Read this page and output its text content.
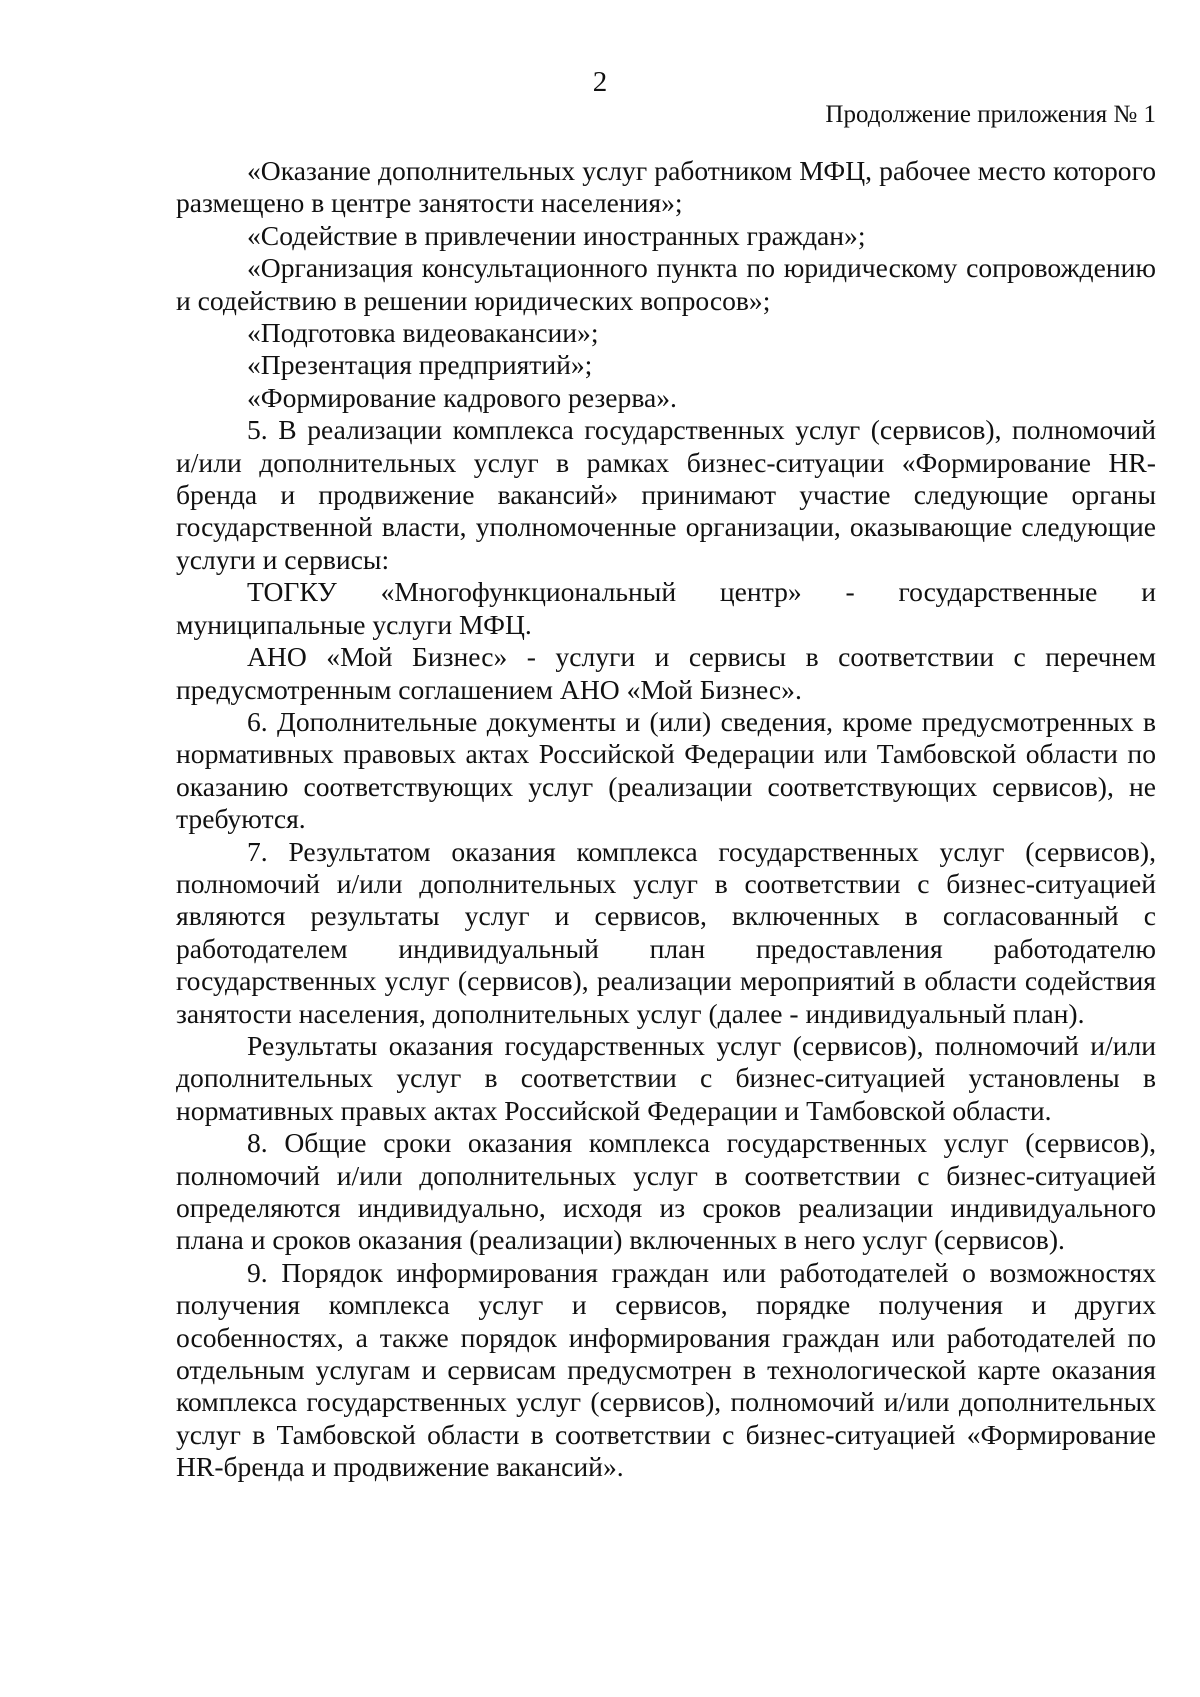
2
Продолжение приложения № 1

«Оказание дополнительных услуг работником МФЦ, рабочее место которого размещено в центре занятости населения»;

«Содействие в привлечении иностранных граждан»;

«Организация консультационного пункта по юридическому сопровождению и содействию в решении юридических вопросов»;

«Подготовка видеовакансии»;

«Презентация предприятий»;

«Формирование кадрового резерва».

5. В реализации комплекса государственных услуг (сервисов), полномочий и/или дополнительных услуг в рамках бизнес-ситуации «Формирование HR-бренда и продвижение вакансий» принимают участие следующие органы государственной власти, уполномоченные организации, оказывающие следующие услуги и сервисы:

ТОГКУ «Многофункциональный центр» - государственные и муниципальные услуги МФЦ.

АНО «Мой Бизнес» - услуги и сервисы в соответствии с перечнем предусмотренным соглашением АНО «Мой Бизнес».

6. Дополнительные документы и (или) сведения, кроме предусмотренных в нормативных правовых актах Российской Федерации или Тамбовской области по оказанию соответствующих услуг (реализации соответствующих сервисов), не требуются.

7. Результатом оказания комплекса государственных услуг (сервисов), полномочий и/или дополнительных услуг в соответствии с бизнес-ситуацией являются результаты услуг и сервисов, включенных в согласованный с работодателем индивидуальный план предоставления работодателю государственных услуг (сервисов), реализации мероприятий в области содействия занятости населения, дополнительных услуг (далее - индивидуальный план).

Результаты оказания государственных услуг (сервисов), полномочий и/или дополнительных услуг в соответствии с бизнес-ситуацией установлены в нормативных правых актах Российской Федерации и Тамбовской области.

8. Общие сроки оказания комплекса государственных услуг (сервисов), полномочий и/или дополнительных услуг в соответствии с бизнес-ситуацией определяются индивидуально, исходя из сроков реализации индивидуального плана и сроков оказания (реализации) включенных в него услуг (сервисов).

9. Порядок информирования граждан или работодателей о возможностях получения комплекса услуг и сервисов, порядке получения и других особенностях, а также порядок информирования граждан или работодателей по отдельным услугам и сервисам предусмотрен в технологической карте оказания комплекса государственных услуг (сервисов), полномочий и/или дополнительных услуг в Тамбовской области в соответствии с бизнес-ситуацией «Формирование HR-бренда и продвижение вакансий».
